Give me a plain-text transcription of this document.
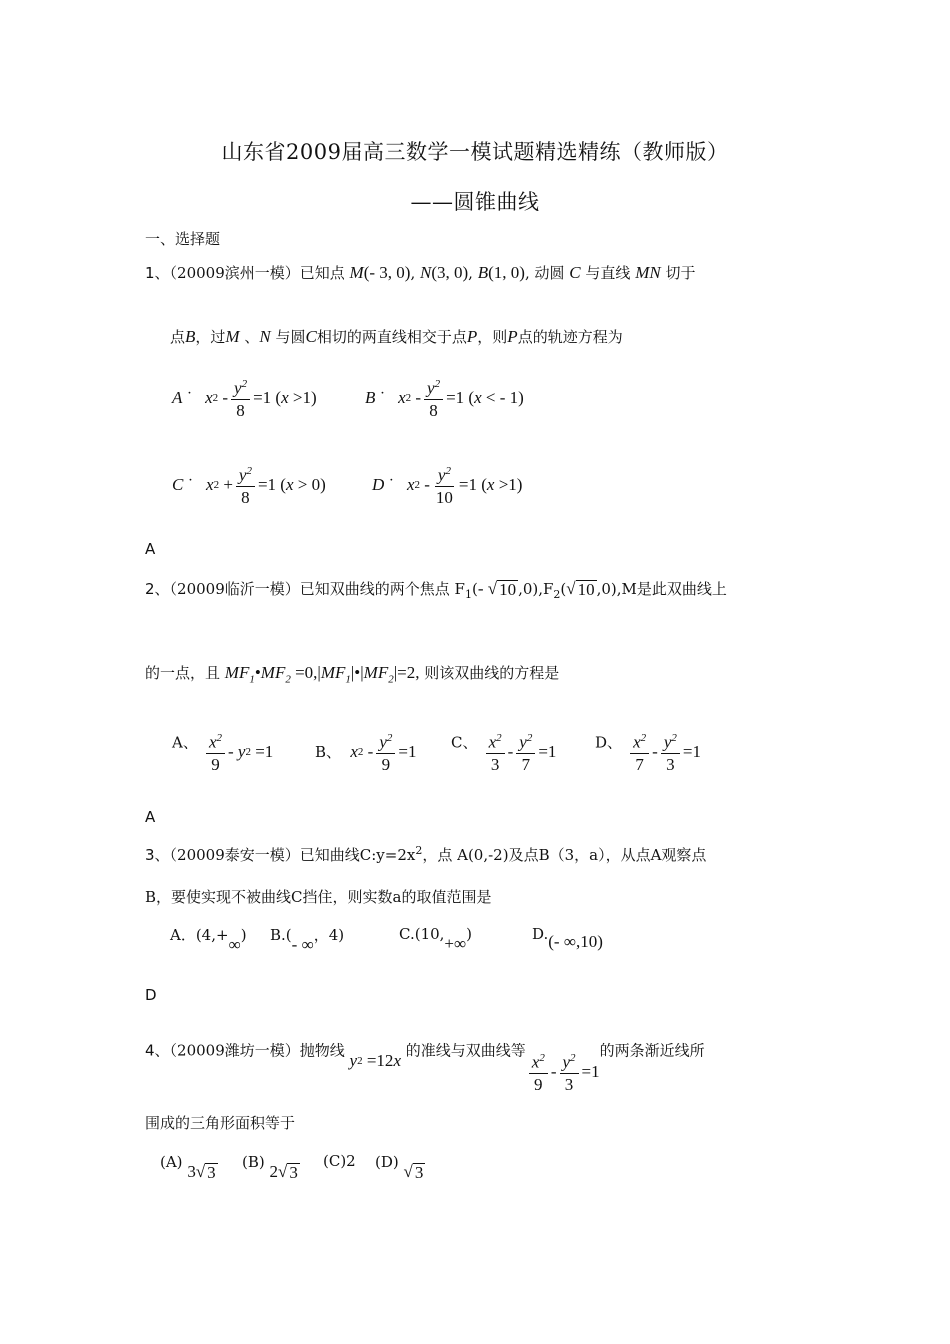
山东省2009届高三数学一模试题精选精练（教师版）
——圆锥曲线
一、选择题
1、（20009滨州一模）已知点 M(- 3, 0), N(3, 0), B(1, 0), 动圆 C 与直线 MN 切于
点B，过M 、N 与圆C相切的两直线相交于点P，则P点的轨迹方程为
A ˙ x $2 - \frac{y^2}{8} =1$ ( x >1)	B ˙ x $2 - \frac{y^2}{8} =1$ ( x < - 1)
C ˙ x $2 + \frac{y^2}{8} =1$ ( x > 0)	D ˙ x $2 - \frac{y^2}{10} =1$ ( x >1)
A
2、（20009临沂一模）已知双曲线的两个焦点 $F_1(-$ √ 10 $,0),F_2(√$ 10 ,0),M是此双曲线上
的一点，且 $MF_1•MF_2$ $=0,|MF_1|•|MF_2|=2$, 则该双曲线的方程是
A、 $\frac{x^2}{9}$ - y 2 =1	B、 x $2 - \frac{y^2}{9} =1$ C、 $\frac{x^2}{3} - \frac{y^2}{7} =1$	D、 $\frac{x^2}{7} - \frac{y^2}{3} =1$
A
3、（20009泰安一模）已知曲线$C:y=2x^2$，点 A(0,-2)及点B（3，a），从点A观察点
B，要使实现不被曲线C挡住，则实数a的取值范围是
A．(4,+∞) B.(- ∞，4)	C.(10,+∞)	D.(- ∞,10)
D
4、（20009潍坊一模）抛物线 y 2 =12 x 的准线与双曲线等 $\frac{x^2}{9} - \frac{y^2}{3} =1$的两条渐近线所
围成的三角形面积等于
(A) 3√ 3
(B) 2√ 3
(C)2 (D) √ 3
